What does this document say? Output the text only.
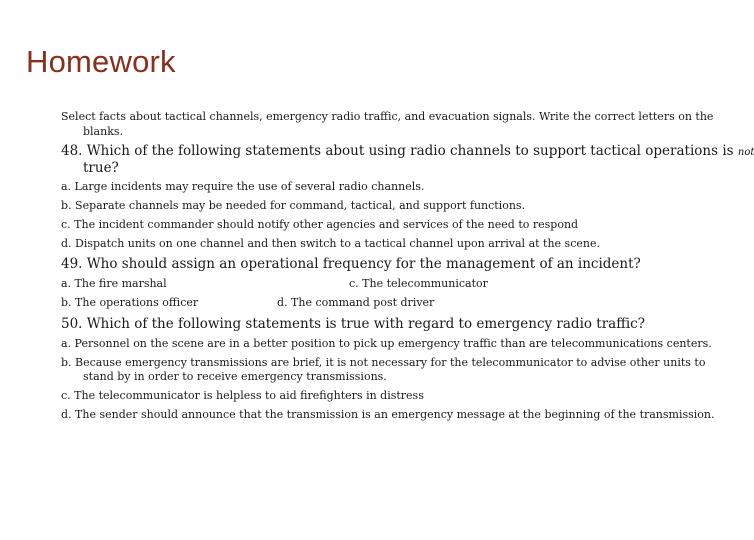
Homework
Select facts about tactical channels, emergency radio traffic, and evacuation signals. Write the correct letters on the
blanks.
48. Which of the following statements about using radio channels to support tactical operations is not
true?
a. Large incidents may require the use of several radio channels.
b. Separate channels may be needed for command, tactical, and support functions.
c. The incident commander should notify other agencies and services of the need to respond
d. Dispatch units on one channel and then switch to a tactical channel upon arrival at the scene.
49. Who should assign an operational frequency for the management of an incident?
a. The fire marshal	c. The telecommunicator
b. The operations officer	d. The command post driver
50. Which of the following statements is true with regard to emergency radio traffic?
a. Personnel on the scene are in a better position to pick up emergency traffic than are telecommunications centers.
b. Because emergency transmissions are brief, it is not necessary for the telecommunicator to advise other units to
stand by in order to receive emergency transmissions.
c. The telecommunicator is helpless to aid firefighters in distress
d. The sender should announce that the transmission is an emergency message at the beginning of the transmission.
